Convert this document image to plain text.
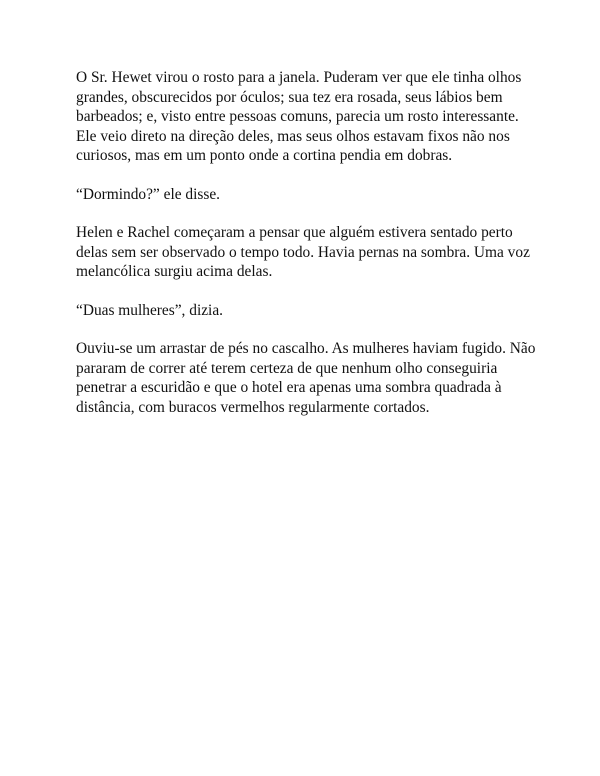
O Sr. Hewet virou o rosto para a janela. Puderam ver que ele tinha olhos grandes, obscurecidos por óculos; sua tez era rosada, seus lábios bem barbeados; e, visto entre pessoas comuns, parecia um rosto interessante. Ele veio direto na direção deles, mas seus olhos estavam fixos não nos curiosos, mas em um ponto onde a cortina pendia em dobras.

“Dormindo?” ele disse.

Helen e Rachel começaram a pensar que alguém estivera sentado perto delas sem ser observado o tempo todo. Havia pernas na sombra. Uma voz melancólica surgiu acima delas.

“Duas mulheres”, dizia.

Ouviu-se um arrastar de pés no cascalho. As mulheres haviam fugido. Não pararam de correr até terem certeza de que nenhum olho conseguiria penetrar a escuridão e que o hotel era apenas uma sombra quadrada à distância, com buracos vermelhos regularmente cortados.
